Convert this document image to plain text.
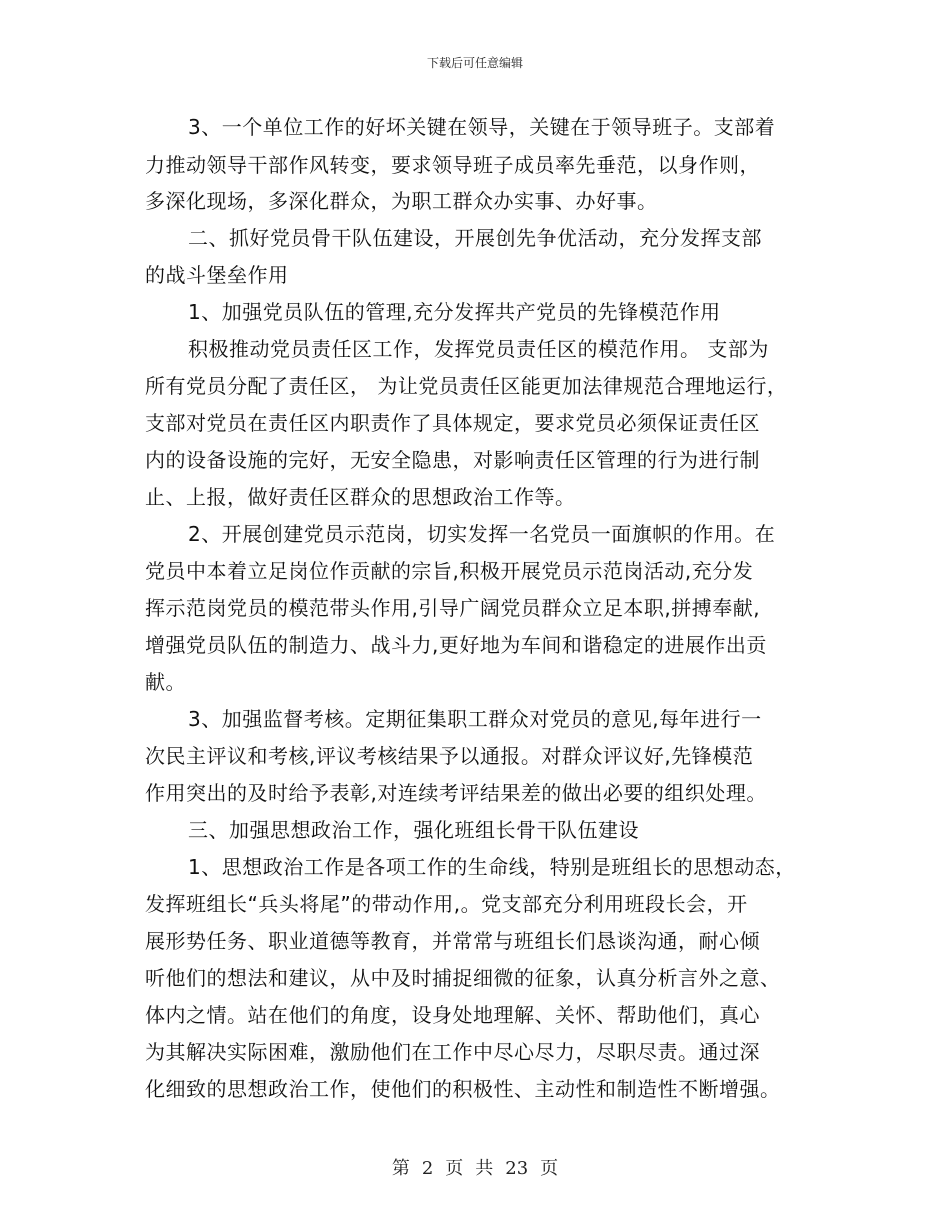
下载后可任意编辑
3、一个单位工作的好坏关键在领导，关键在于领导班子。支部着
力推动领导干部作风转变，要求领导班子成员率先垂范，以身作则，
多深化现场，多深化群众，为职工群众办实事、办好事。
二、抓好党员骨干队伍建设，开展创先争优活动，充分发挥支部
的战斗堡垒作用
1、加强党员队伍的管理,充分发挥共产党员的先锋模范作用
积极推动党员责任区工作，发挥党员责任区的模范作用。 支部为
所有党员分配了责任区， 为让党员责任区能更加法律规范合理地运行，
支部对党员在责任区内职责作了具体规定，要求党员必须保证责任区
内的设备设施的完好，无安全隐患，对影响责任区管理的行为进行制
止、上报，做好责任区群众的思想政治工作等。
2、开展创建党员示范岗，切实发挥一名党员一面旗帜的作用。在
党员中本着立足岗位作贡献的宗旨,积极开展党员示范岗活动,充分发
挥示范岗党员的模范带头作用,引导广阔党员群众立足本职,拼搏奉献,
增强党员队伍的制造力、战斗力,更好地为车间和谐稳定的进展作出贡
献。
3、加强监督考核。定期征集职工群众对党员的意见,每年进行一
次民主评议和考核,评议考核结果予以通报。对群众评议好,先锋模范
作用突出的及时给予表彰,对连续考评结果差的做出必要的组织处理。
三、加强思想政治工作，强化班组长骨干队伍建设
1、思想政治工作是各项工作的生命线，特别是班组长的思想动态，
发挥班组长“兵头将尾”的带动作用,。党支部充分利用班段长会，开
展形势任务、职业道德等教育，并常常与班组长们恳谈沟通，耐心倾
听他们的想法和建议，从中及时捕捉细微的征象，认真分析言外之意、
体内之情。站在他们的角度，设身处地理解、关怀、帮助他们，真心
为其解决实际困难，激励他们在工作中尽心尽力，尽职尽责。通过深
化细致的思想政治工作，使他们的积极性、主动性和制造性不断增强。
第 2 页 共 23 页
